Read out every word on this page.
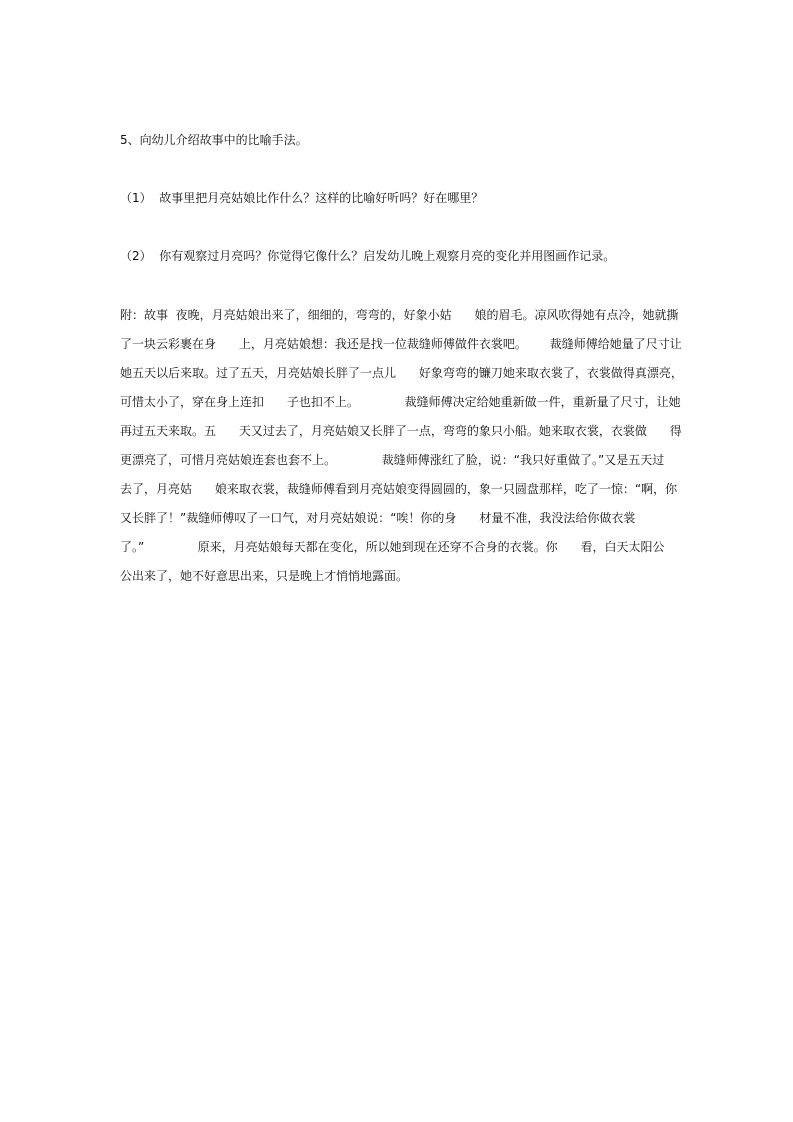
5、向幼儿介绍故事中的比喻手法。
（1）  故事里把月亮姑娘比作什么？这样的比喻好听吗？好在哪里？
（2）  你有观察过月亮吗？你觉得它像什么？启发幼儿晚上观察月亮的变化并用图画作记录。
附：故事  夜晚，月亮姑娘出来了，细细的，弯弯的，好象小姑      娘的眉毛。凉风吹得她有点冷，她就撕
了一块云彩裹在身      上，月亮姑娘想：我还是找一位裁缝师傅做件衣裳吧。      裁缝师傅给她量了尺寸让
她五天以后来取。过了五天，月亮姑娘长胖了一点儿      好象弯弯的镰刀她来取衣裳了，衣裳做得真漂亮，
可惜太小了，穿在身上连扣      子也扣不上。            裁缝师傅决定给她重新做一件，重新量了尺寸，让她
再过五天来取。五      天又过去了，月亮姑娘又长胖了一点，弯弯的象只小船。她来取衣裳，衣裳做      得
更漂亮了，可惜月亮姑娘连套也套不上。            裁缝师傅涨红了脸，说：“我只好重做了。”又是五天过
去了，月亮姑      娘来取衣裳，裁缝师傅看到月亮姑娘变得圆圆的，象一只圆盘那样，吃了一惊：“啊，你
又长胖了！”裁缝师傅叹了一口气，对月亮姑娘说：“唉！你的身      材量不准，我没法给你做衣裳
了。”              原来，月亮姑娘每天都在变化，所以她到现在还穿不合身的衣裳。你      看，白天太阳公
公出来了，她不好意思出来，只是晚上才悄悄地露面。
